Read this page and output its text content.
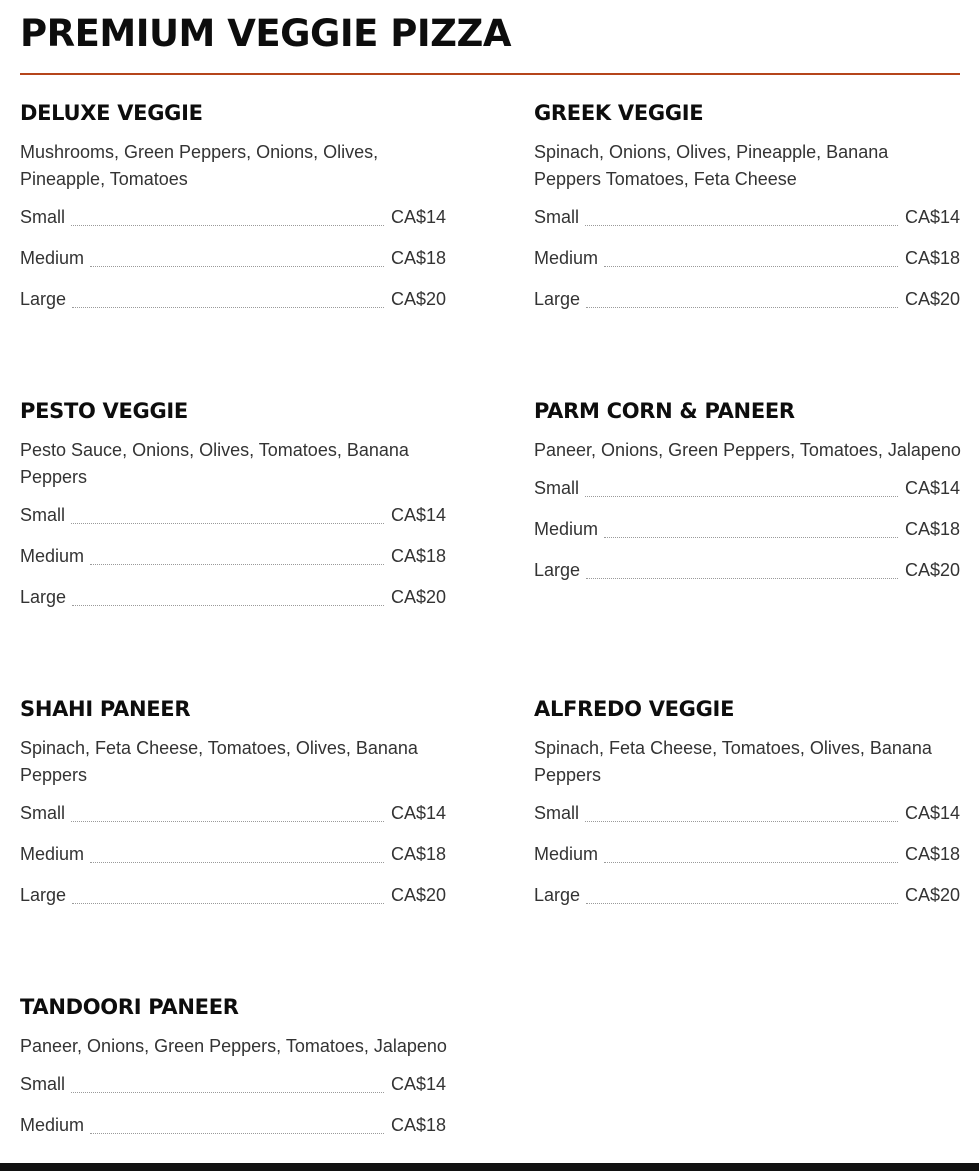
PREMIUM VEGGIE PIZZA
DELUXE VEGGIE

Mushrooms, Green Peppers, Onions, Olives, Pineapple, Tomatoes

Small	CA$14
Medium	CA$18
Large	CA$20
GREEK VEGGIE

Spinach, Onions, Olives, Pineapple, Banana Peppers Tomatoes, Feta Cheese

Small	CA$14
Medium	CA$18
Large	CA$20
PESTO VEGGIE

Pesto Sauce, Onions, Olives, Tomatoes, Banana Peppers

Small	CA$14
Medium	CA$18
Large	CA$20
PARM CORN & PANEER

Paneer, Onions, Green Peppers, Tomatoes, Jalapeno

Small	CA$14
Medium	CA$18
Large	CA$20
SHAHI PANEER

Spinach, Feta Cheese, Tomatoes, Olives, Banana Peppers

Small	CA$14
Medium	CA$18
Large	CA$20
ALFREDO VEGGIE

Spinach, Feta Cheese, Tomatoes, Olives, Banana Peppers

Small	CA$14
Medium	CA$18
Large	CA$20
TANDOORI PANEER

Paneer, Onions, Green Peppers, Tomatoes, Jalapeno

Small	CA$14
Medium	CA$18
